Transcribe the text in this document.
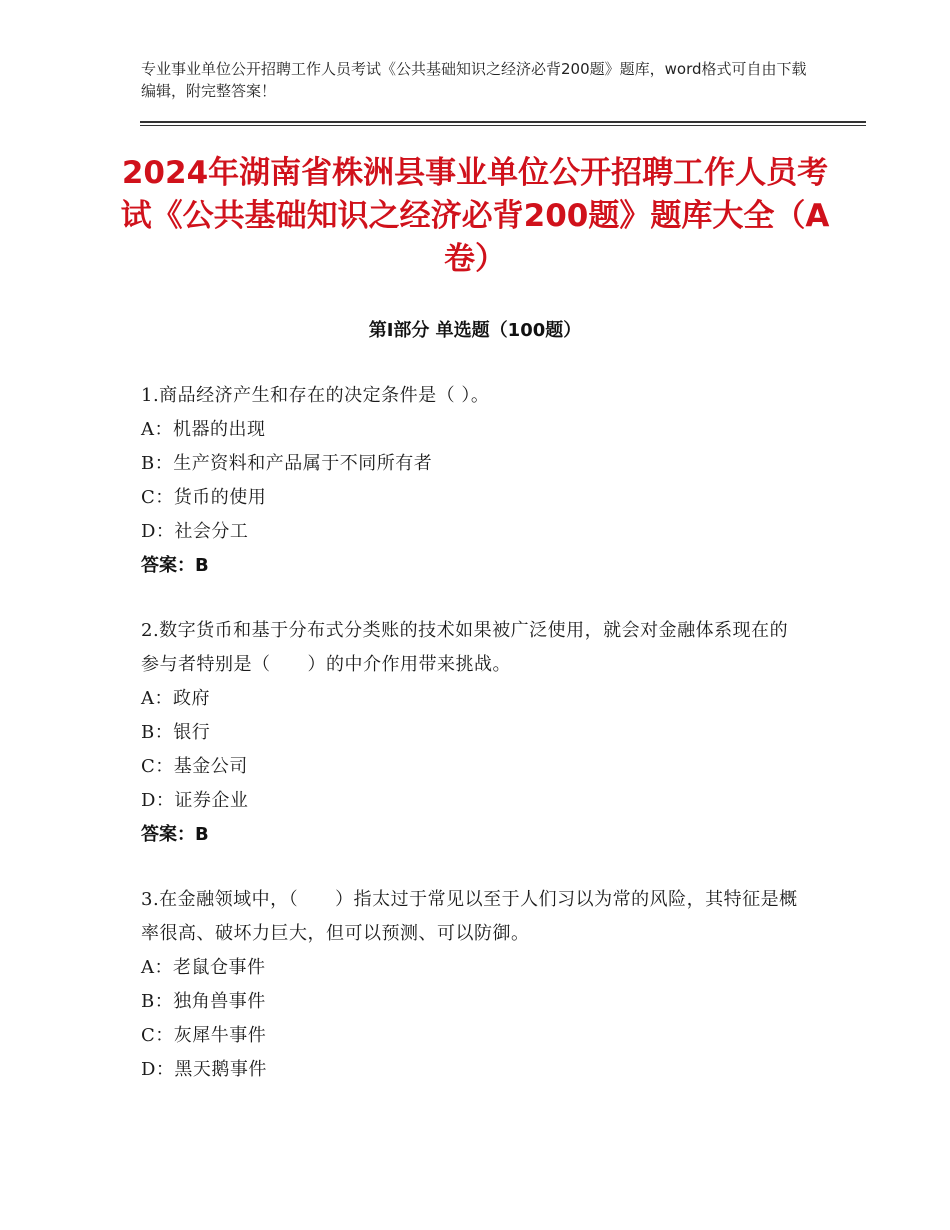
专业事业单位公开招聘工作人员考试《公共基础知识之经济必背200题》题库，word格式可自由下载编辑，附完整答案！
2024年湖南省株洲县事业单位公开招聘工作人员考试《公共基础知识之经济必背200题》题库大全（A卷）
第Ⅰ部分 单选题（100题）
1.商品经济产生和存在的决定条件是（ ）。
A：机器的出现
B：生产资料和产品属于不同所有者
C：货币的使用
D：社会分工
答案：B
2.数字货币和基于分布式分类账的技术如果被广泛使用，就会对金融体系现在的参与者特别是（　　）的中介作用带来挑战。
A：政府
B：银行
C：基金公司
D：证券企业
答案：B
3.在金融领域中，（　　）指太过于常见以至于人们习以为常的风险，其特征是概率很高、破坏力巨大，但可以预测、可以防御。
A：老鼠仓事件
B：独角兽事件
C：灰犀牛事件
D：黑天鹅事件
